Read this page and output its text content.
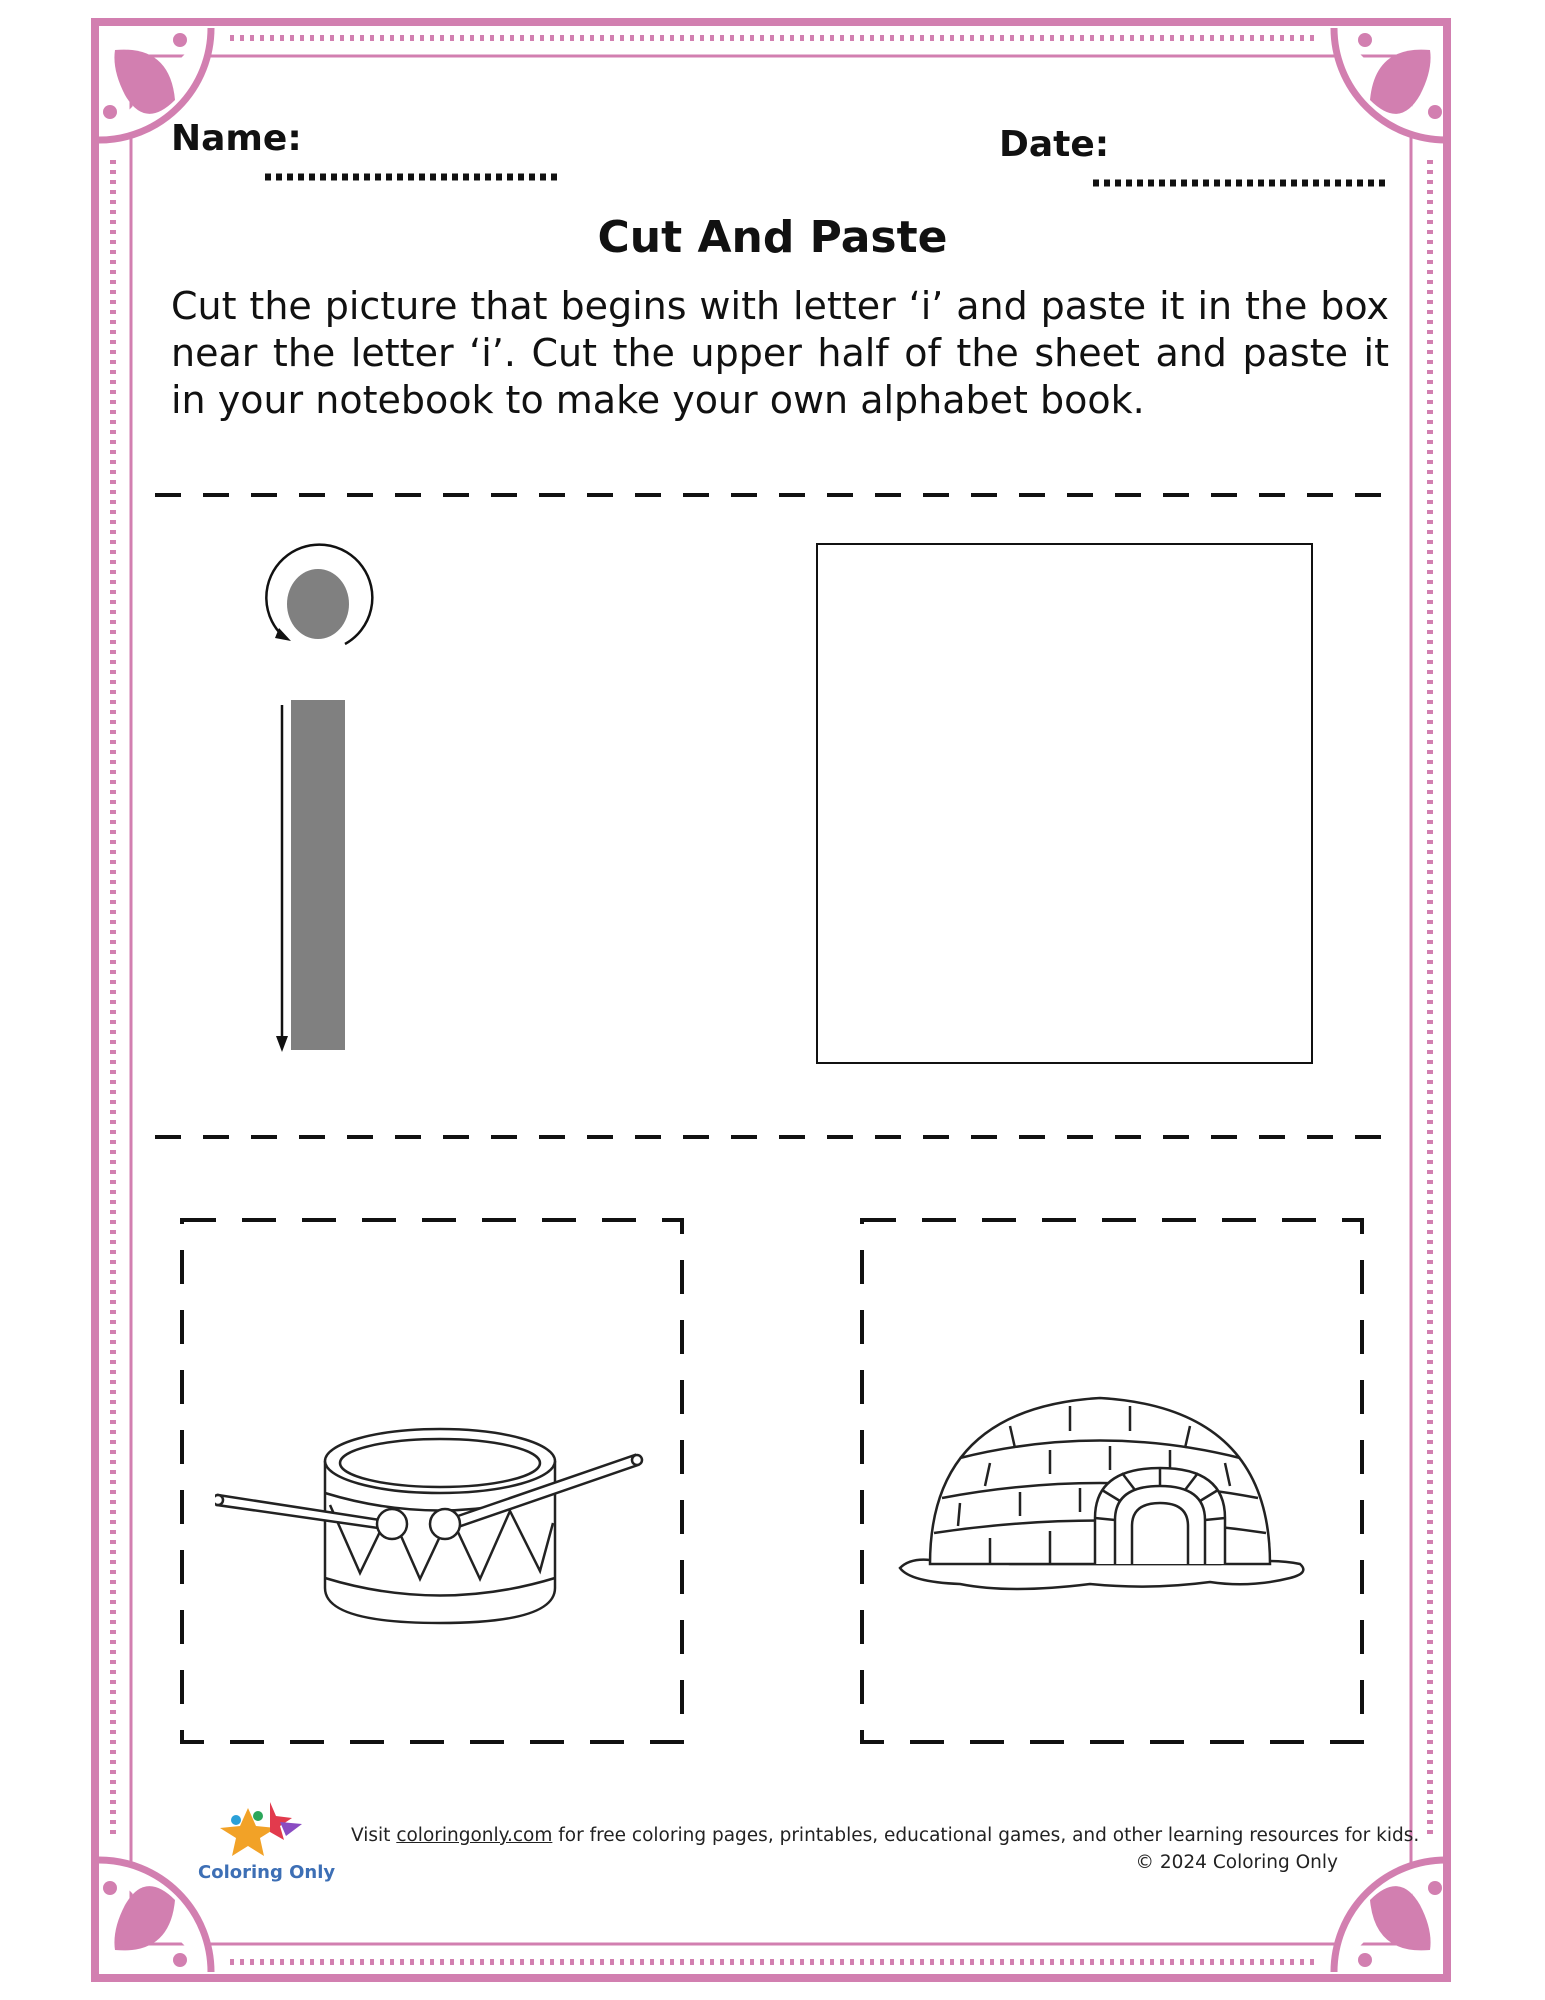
Name:	Date:
Cut And Paste
Cut the picture that begins with letter ‘i’ and paste it in the box near the letter ‘i’. Cut the upper half of the sheet and paste it in your notebook to make your own alphabet book.
Coloring Only
Visit coloringonly.com for free coloring pages, printables, educational games, and other learning resources for kids.
© 2024 Coloring Only
